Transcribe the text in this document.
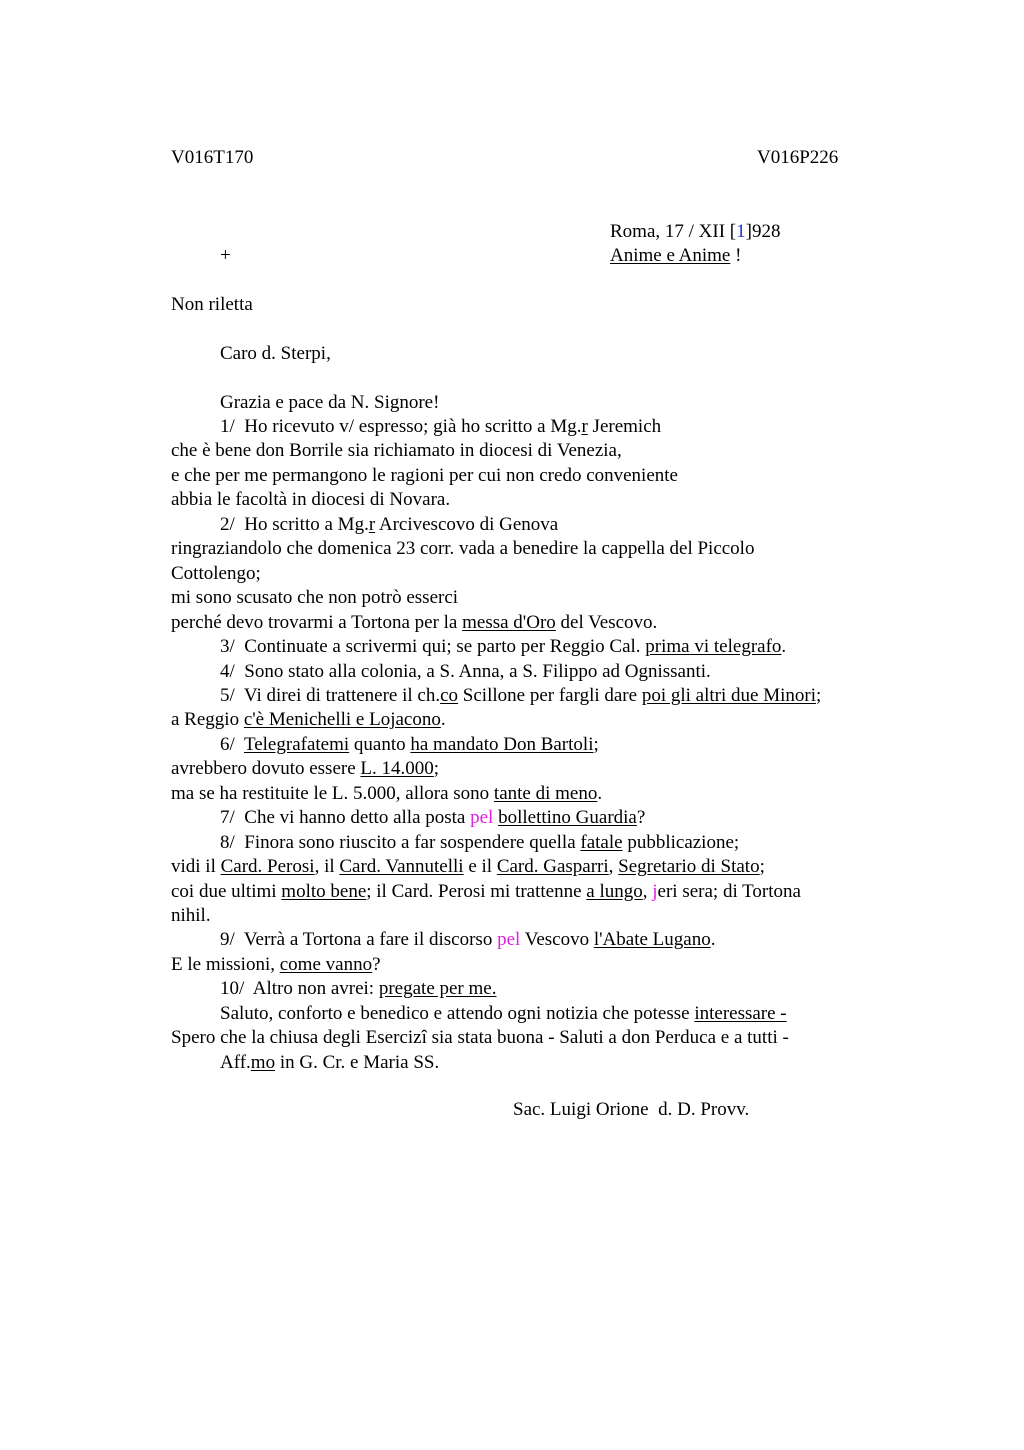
V016T170	V016P226
Roma, 17 / XII [1]928
+	Anime e Anime !
Non riletta
Caro d. Sterpi,
Grazia e pace da N. Signore!
1/  Ho ricevuto v/ espresso; già ho scritto a Mg.r Jeremich
che è bene don Borrile sia richiamato in diocesi di Venezia,
e che per me permangono le ragioni per cui non credo conveniente
abbia le facoltà in diocesi di Novara.
2/  Ho scritto a Mg.r Arcivescovo di Genova
ringraziandolo che domenica 23 corr. vada a benedire la cappella del Piccolo
Cottolengo;
mi sono scusato che non potrò esserci
perché devo trovarmi a Tortona per la messa d'Oro del Vescovo.
3/  Continuate a scrivermi qui; se parto per Reggio Cal. prima vi telegrafo.
4/  Sono stato alla colonia, a S. Anna, a S. Filippo ad Ognissanti.
5/  Vi direi di trattenere il ch.co Scillone per fargli dare poi gli altri due Minori;
a Reggio c'è Menichelli e Lojacono.
6/  Telegrafatemi quanto ha mandato Don Bartoli;
avrebbero dovuto essere L. 14.000;
ma se ha restituite le L. 5.000, allora sono tante di meno.
7/  Che vi hanno detto alla posta pel bollettino Guardia?
8/  Finora sono riuscito a far sospendere quella fatale pubblicazione;
vidi il Card. Perosi, il Card. Vannutelli e il Card. Gasparri, Segretario di Stato;
coi due ultimi molto bene; il Card. Perosi mi trattenne a lungo, jeri sera; di Tortona
nihil.
9/  Verrà a Tortona a fare il discorso pel Vescovo l'Abate Lugano.
E le missioni, come vanno?
10/  Altro non avrei: pregate per me.
Saluto, conforto e benedico e attendo ogni notizia che potesse interessare -
Spero che la chiusa degli Esercizî sia stata buona - Saluti a don Perduca e a tutti -
Aff.mo in G. Cr. e Maria SS.
Sac. Luigi Orione  d. D. Provv.
